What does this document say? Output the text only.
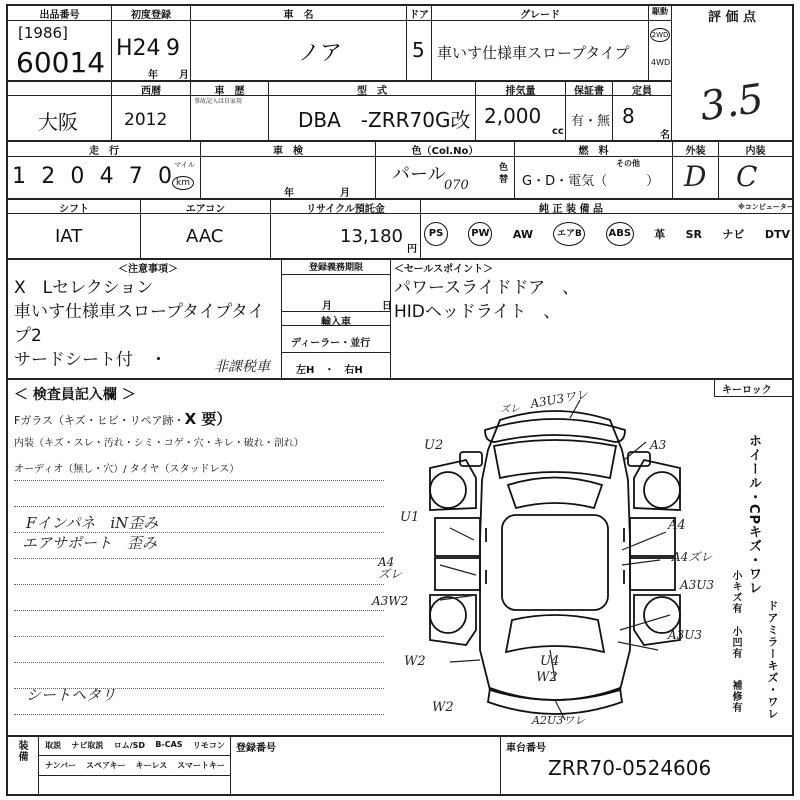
出品番号
[1986]
60014
初度登録
H24 9
年 月
車　名
ノア
ドア
5
グレード
車いす仕様車スロープタイプ
駆動
2WD
4WD
評 価 点
3.5
大阪
西暦
2012
車　歴
事故記入は自家用
型　式
DBA　-ZRR70G改
排気量
2,000
cc
保証書
有・無
定員
8
名
走　行
1 2 0 4 7 0 マイル
km
車　検
年	月
色（Col.No）
パール
070
色替
燃　料
その他
G・D・電気（　　　）
外装
D
内装
C
シフト
IAT
エアコン
AAC
リサイクル預託金
13,180
円
純 正 装 備 品	※コンピューター
PS	PW AW	エアB	ABS 革 SR ナビ DTV
＜注意事項＞
X　Lセレクション
車いす仕様車スロープタイプタイ
プ2
サードシート付　・	非課税車
登録義務期限
月	日
輸入車
ディーラー・並行
左H　・　右H
＜セールスポイント＞
パワースライドドア　、
HIDヘッドライト　、
＜ 検査員記入欄 ＞
Fガラス（キズ・ヒビ・リペア跡・X 要）
内装（キズ・スレ・汚れ・シミ・コゲ・穴・キレ・破れ・剖れ）
オーディオ（無し・穴）/ タイヤ（スタッドレス）
Fインパネ　iN歪み
エアサポート　歪み
シートヘタリ
キーロック
A3U3ワレ
ズレ
A3
U2
U1
A4
A4ズレ
A4ズレ
A3W2
A3U3
A3U3
W2	U4
W2
W2
A2U3ワレ
ホイール・CPキズ・ワレ
ドアミラーキズ・ワレ
小キズ有
小凹有
補修有
装備 取説 ナビ取説 ロム/SD B-CAS リモコン
ナンバー スペアキー キーレス スマートキー
登録番号	車台番号
ZRR70-0524606
